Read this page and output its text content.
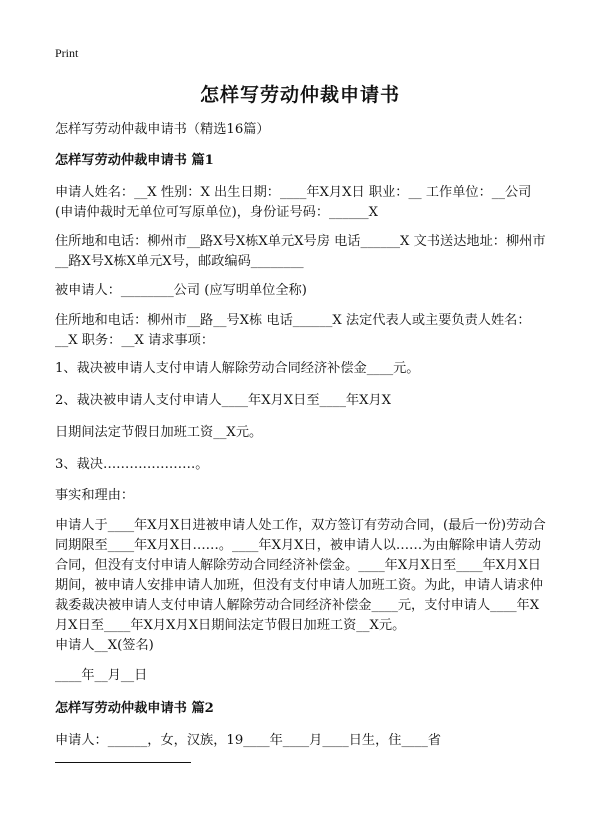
Print
怎样写劳动仲裁申请书

怎样写劳动仲裁申请书（精选16篇）

怎样写劳动仲裁申请书 篇1

申请人姓名：__X 性别：X 出生日期：____年X月X日 职业：__ 工作单位：__公司(申请仲裁时无单位可写原单位)，身份证号码：______X

住所地和电话：柳州市__路X号X栋X单元X号房 电话______X 文书送达地址：柳州市__路X号X栋X单元X号，邮政编码________

被申请人：________公司 (应写明单位全称)

住所地和电话：柳州市__路__号X栋 电话______X 法定代表人或主要负责人姓名：__X 职务：__X 请求事项：

1、裁决被申请人支付申请人解除劳动合同经济补偿金____元。

2、裁决被申请人支付申请人____年X月X日至____年X月X

日期间法定节假日加班工资__X元。

3、裁决…………………。

事实和理由：

申请人于____年X月X日进被申请人处工作，双方签订有劳动合同，(最后一份)劳动合同期限至____年X月X日……。____年X月X日，被申请人以……为由解除申请人劳动合同，但没有支付申请人解除劳动合同经济补偿金。____年X月X日至____年X月X日期间，被申请人安排申请人加班，但没有支付申请人加班工资。为此，申请人请求仲裁委裁决被申请人支付申请人解除劳动合同经济补偿金____元，支付申请人____年X月X日至____年X月X月X日期间法定节假日加班工资__X元。

申请人__X(签名)

____年__月__日

怎样写劳动仲裁申请书 篇2

申请人：______，女，汉族，19____年____月____日生，住____省
